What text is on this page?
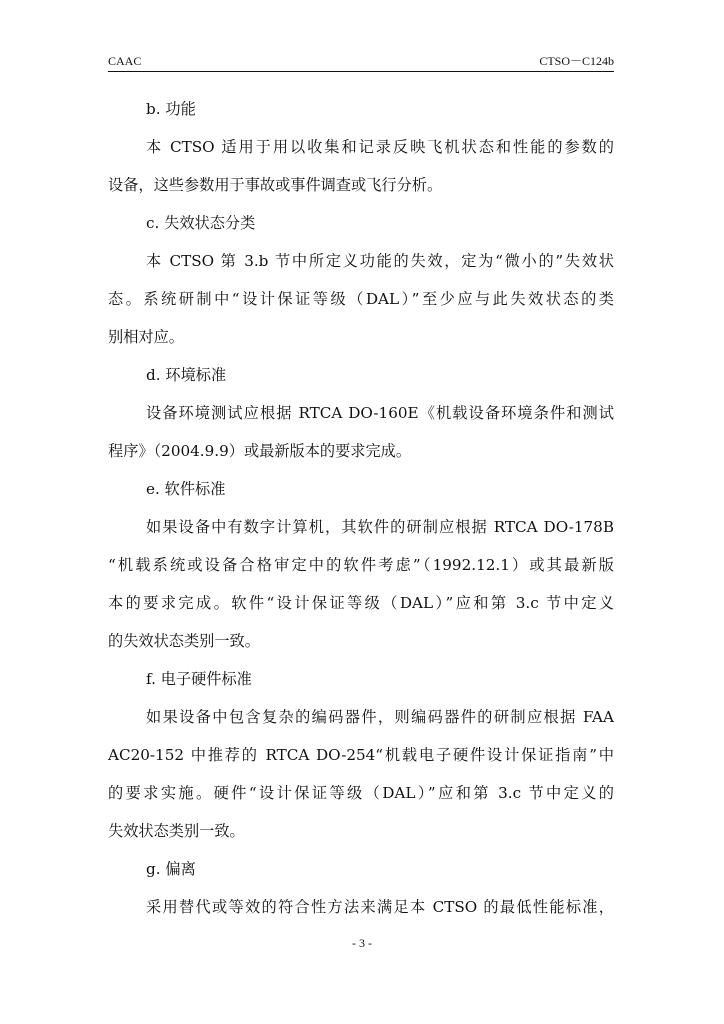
CAAC	CTSO－C124b
b. 功能
本 CTSO 适用于用以收集和记录反映飞机状态和性能的参数的
设备，这些参数用于事故或事件调查或飞行分析。
c. 失效状态分类
本 CTSO 第 3.b 节中所定义功能的失效，定为“微小的”失效状
态。系统研制中“设计保证等级（DAL）”至少应与此失效状态的类
别相对应。
d. 环境标准
设备环境测试应根据 RTCA DO-160E《机载设备环境条件和测试
程序》（2004.9.9）或最新版本的要求完成。
e. 软件标准
如果设备中有数字计算机，其软件的研制应根据 RTCA DO-178B
“机载系统或设备合格审定中的软件考虑”（1992.12.1）或其最新版
本的要求完成。软件“设计保证等级（DAL）”应和第 3.c 节中定义
的失效状态类别一致。
f. 电子硬件标准
如果设备中包含复杂的编码器件，则编码器件的研制应根据 FAA
AC20-152 中推荐的 RTCA DO-254“机载电子硬件设计保证指南”中
的要求实施。硬件“设计保证等级（DAL）”应和第 3.c 节中定义的
失效状态类别一致。
g. 偏离
采用替代或等效的符合性方法来满足本 CTSO 的最低性能标准，
- 3 -
